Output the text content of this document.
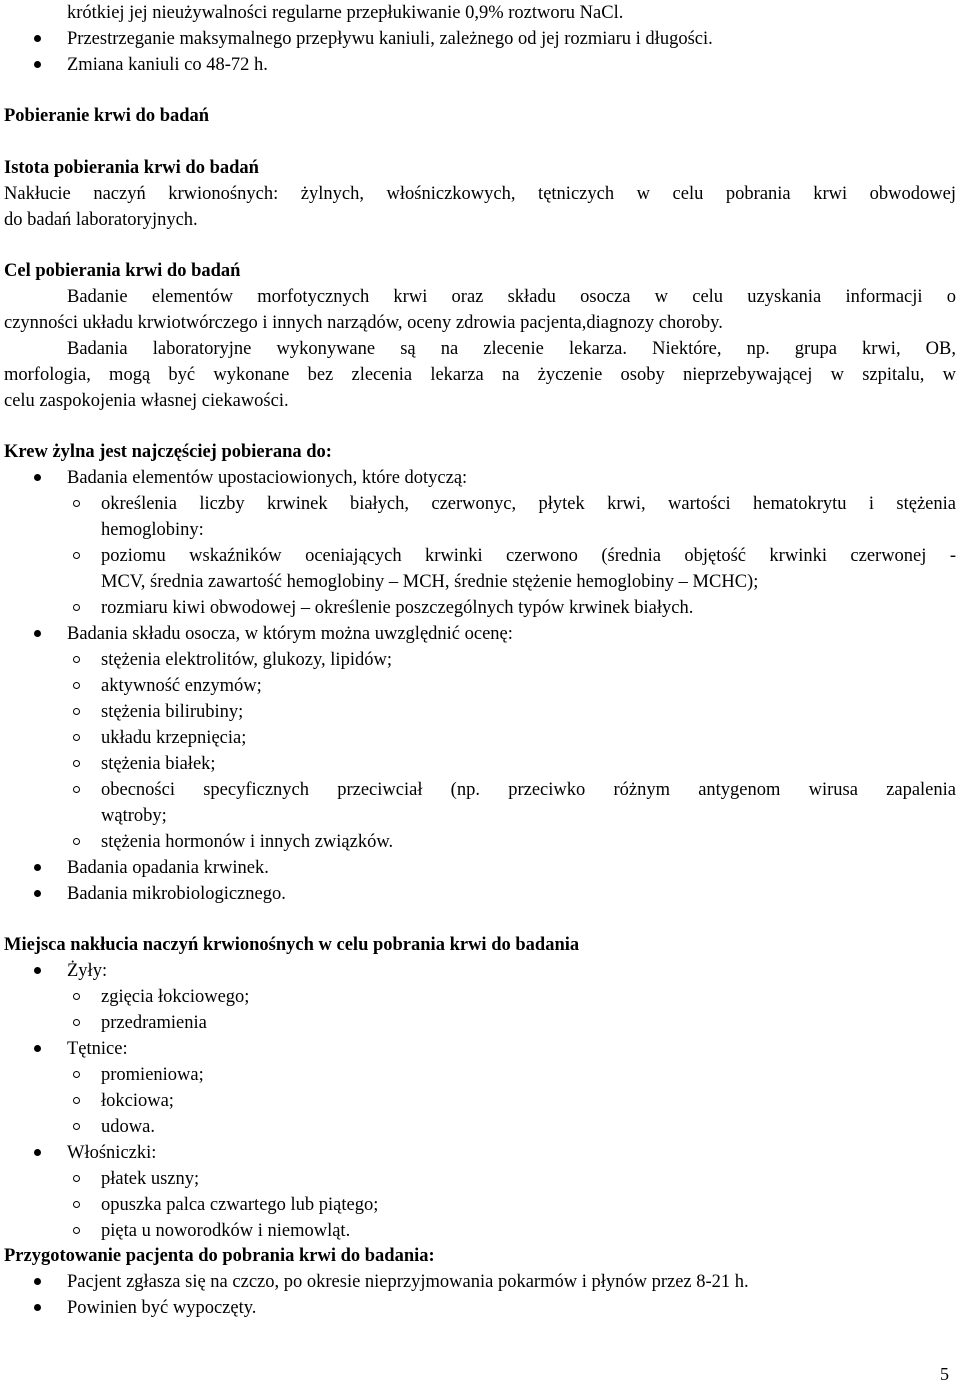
krótkiej jej nieużywalności regularne przepłukiwanie 0,9% roztworu NaCl.
Przestrzeganie maksymalnego przepływu kaniuli, zależnego od jej rozmiaru i długości.
Zmiana kaniuli co 48-72 h.
Pobieranie krwi do badań
Istota pobierania krwi do badań
Nakłucie naczyń krwionośnych: żylnych, włośniczkowych, tętniczych w celu pobrania krwi obwodowej
do badań laboratoryjnych.
Cel pobierania krwi do badań
Badanie elementów morfotycznych krwi oraz składu osocza w celu uzyskania informacji o
czynności układu krwiotwórczego i innych narządów, oceny zdrowia pacjenta,diagnozy choroby.
Badania laboratoryjne wykonywane są na zlecenie lekarza. Niektóre, np. grupa krwi, OB,
morfologia, mogą być wykonane bez zlecenia lekarza na życzenie osoby nieprzebywającej w szpitalu, w
celu zaspokojenia własnej ciekawości.
Krew żylna jest najczęściej pobierana do:
Badania elementów upostaciowionych, które dotyczą:
określenia liczby krwinek białych, czerwonyc, płytek krwi, wartości hematokrytu i stężenia
hemoglobiny:
poziomu wskaźników oceniających krwinki czerwono (średnia objętość krwinki czerwonej -
MCV, średnia zawartość hemoglobiny – MCH, średnie stężenie hemoglobiny – MCHC);
rozmiaru kiwi obwodowej – określenie poszczególnych typów krwinek białych.
Badania składu osocza, w którym można uwzględnić ocenę:
stężenia elektrolitów, glukozy, lipidów;
aktywność enzymów;
stężenia bilirubiny;
układu krzepnięcia;
stężenia białek;
obecności specyficznych przeciwciał (np. przeciwko różnym antygenom wirusa zapalenia
wątroby;
stężenia hormonów i innych związków.
Badania opadania krwinek.
Badania mikrobiologicznego.
Miejsca nakłucia naczyń krwionośnych w celu pobrania krwi do badania
Żyły:
zgięcia łokciowego;
przedramienia
Tętnice:
promieniowa;
łokciowa;
udowa.
Włośniczki:
płatek uszny;
opuszka palca czwartego lub piątego;
pięta u noworodków i niemowląt.
Przygotowanie pacjenta do pobrania krwi do badania:
Pacjent zgłasza się na czczo, po okresie nieprzyjmowania pokarmów i płynów przez 8-21 h.
Powinien być wypoczęty.
5
